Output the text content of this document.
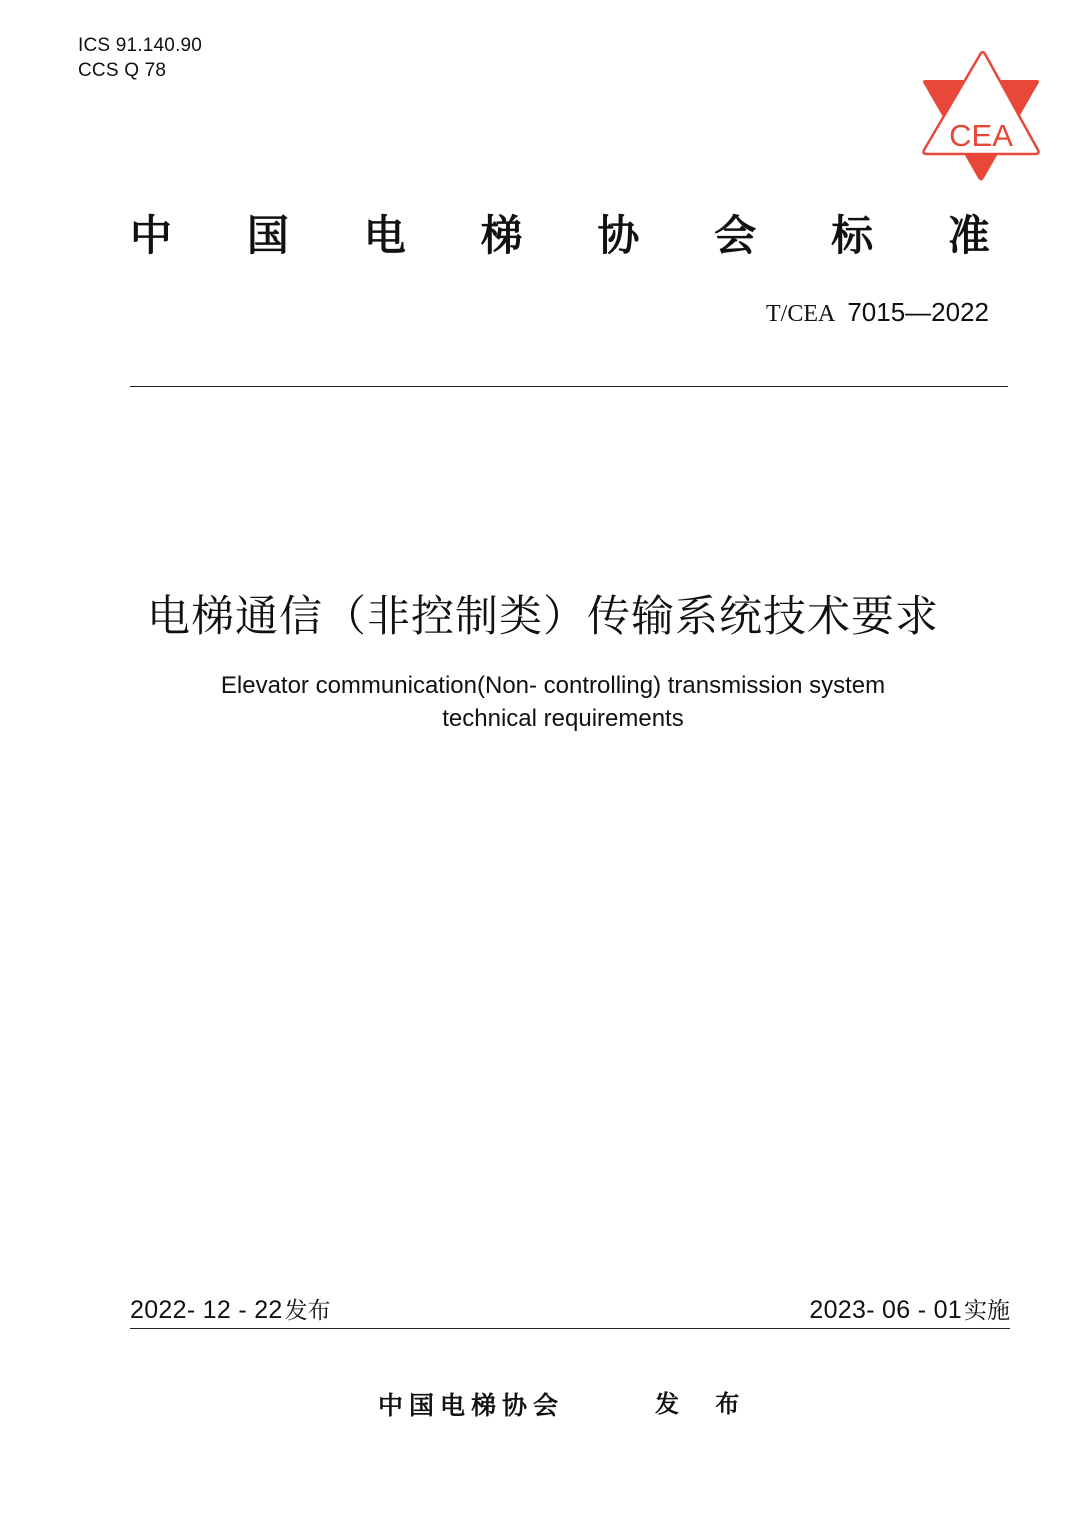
ICS 91.140.90
CCS Q 78
CEA
中 国 电 梯 协 会 标 准
T/CEA 7015—2022
电梯通信（非控制类）传输系统技术要求
Elevator communication(Non- controlling) transmission system
technical requirements
2022- 12 - 22发布	2023- 06 - 01实施
中国电梯协会	发 布
